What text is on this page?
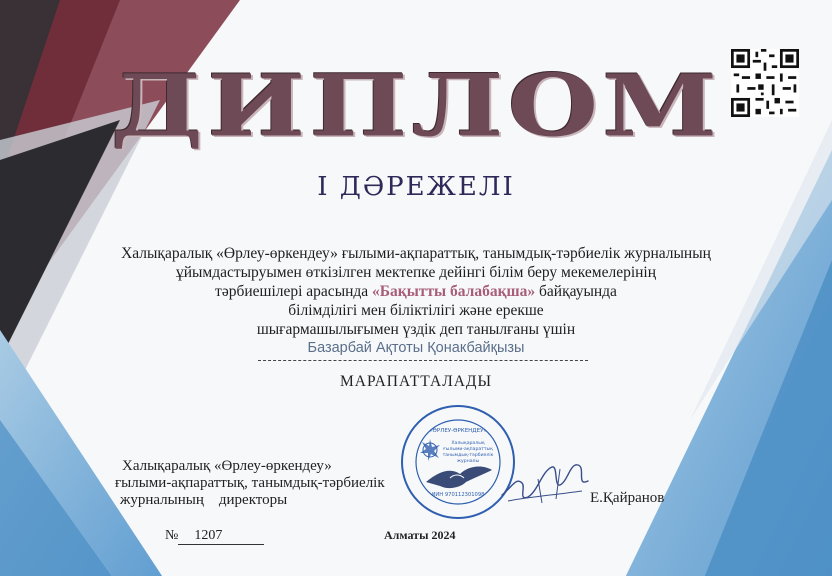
ДИПЛОМ
I ДӘРЕЖЕЛІ
Халықаралық «Өрлеу-өркендеу» ғылыми-ақпараттық, танымдық-тәрбиелік журналының
ұйымдастыруымен өткізілген мектепке дейінгі білім беру мекемелерінің
тәрбиешілері арасында «Бақытты балабақша» байқауында
білімділігі мен біліктілігі және ерекше
шығармашылығымен үздік деп танылғаны үшін
Базарбай Ақтоты Қонакбайқызы
МАРАПАТТАЛАДЫ
Халықаралық «Өрлеу-өркендеу»
ғылыми-ақпараттық, танымдық-тәрбиелік
журналының    директоры
«ӨРЛЕУ-ӨРКЕНДЕУ»
Халықаралық
ғылыми-ақпараттық
танымдық-тәрбиелік
журналы
ИИН 970112301098	Е.Қайранов
№ 1207	Алматы 2024
